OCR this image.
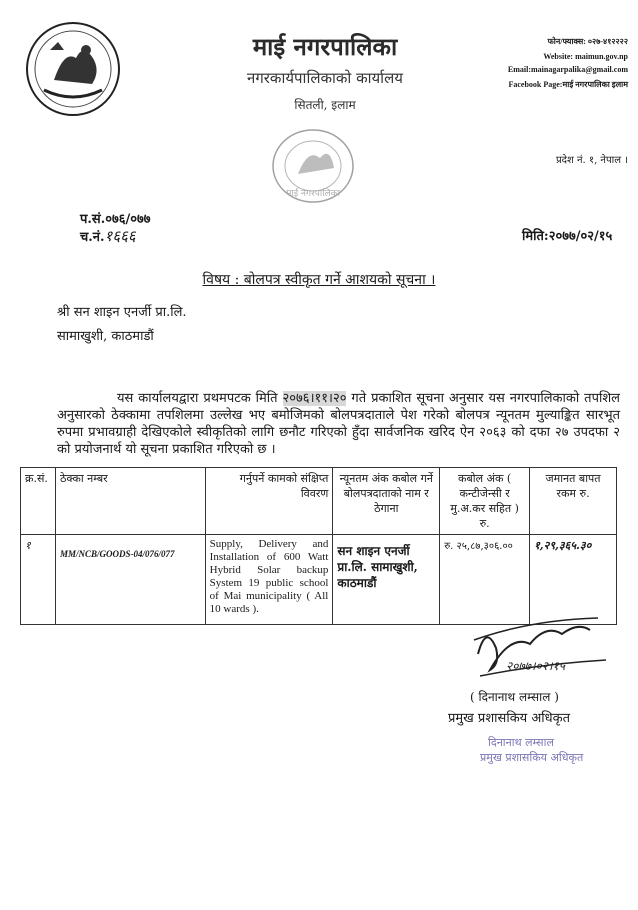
माई नगरपालिका
नगरकार्यपालिकाको कार्यालय
सितली, इलाम
फोन/फ्याक्स: ०२७-४१२२२२
Website: maimun.gov.np
Email:mainagarpalika@gmail.com
Facebook Page:माई नगरपालिका इलाम
माई नगरपालिका
प्रदेश नं. १, नेपाल ।
प.सं.०७६/०७७
च.नं.१६६६	मिति:२०७७/०२/१५
विषय : बोलपत्र स्वीकृत गर्ने आशयको सूचना ।
श्री सन शाइन एनर्जी प्रा.लि.
सामाखुशी, काठमाडौं
यस कार्यालयद्वारा प्रथमपटक मिति २०७६।११।२० गते प्रकाशित सूचना अनुसार यस नगरपालिकाको तपशिल अनुसारको ठेक्कामा तपशिलमा उल्लेख भए बमोजिमको बोलपत्रदाताले पेश गरेको बोलपत्र न्यूनतम मुल्याङ्कित सारभूत रुपमा प्रभावग्राही देखिएकोले स्वीकृतिको लागि छनौट गरिएको हुँदा सार्वजनिक खरिद ऐन २०६३ को दफा २७ उपदफा २ को प्रयोजनार्थ यो सूचना प्रकाशित गरिएको छ ।
क्र.सं.	ठेक्का नम्बर	गर्नुपर्ने कामको संक्षिप्त विवरण	न्यूनतम अंक कबोल गर्ने बोलपत्रदाताको नाम र ठेगाना	कबोल अंक ( कन्टीजेन्सी र मु.अ.कर सहित ) रु.	जमानत बापत रकम रु.
१	MM/NCB/GOODS-04/076/077	Supply, Delivery and Installation of 600 Watt Hybrid Solar backup System 19 public school of Mai municipality ( All 10 wards ).	सन शाइन एनर्जी प्रा.लि. सामाखुशी, काठमाडौं	रु. २५,८७,३०६.००	१,२९,३६५.३०
२०७७।०२।१५
( दिनानाथ लम्साल )
प्रमुख प्रशासकिय अधिकृत
दिनानाथ लम्साल
प्रमुख प्रशासकिय अधिकृत
